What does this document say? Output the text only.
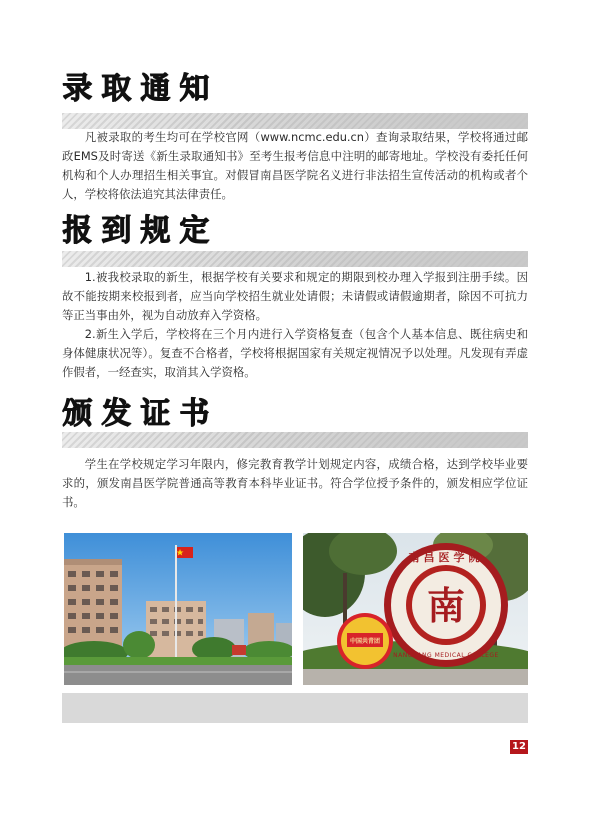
录取通知

凡被录取的考生均可在学校官网（www.ncmc.edu.cn）查询录取结果，学校将通过邮政EMS及时寄送《新生录取通知书》至考生报考信息中注明的邮寄地址。学校没有委托任何机构和个人办理招生相关事宜。对假冒南昌医学院名义进行非法招生宣传活动的机构或者个人，学校将依法追究其法律责任。

报到规定

1.被我校录取的新生，根据学校有关要求和规定的期限到校办理入学报到注册手续。因故不能按期来校报到者，应当向学校招生就业处请假；未请假或请假逾期者，除因不可抗力等正当事由外，视为自动放弃入学资格。

2.新生入学后，学校将在三个月内进行入学资格复查（包含个人基本信息、既往病史和身体健康状况等）。复查不合格者，学校将根据国家有关规定视情况予以处理。凡发现有弄虚作假者，一经查实，取消其入学资格。

颁发证书

学生在学校规定学习年限内，修完教育教学计划规定内容，成绩合格，达到学校毕业要求的，颁发南昌医学院普通高等教育本科毕业证书。符合学位授予条件的，颁发相应学位证书。

南
南昌医学院
NANCHANG MEDICAL COLLEGE
中国共青团
12
